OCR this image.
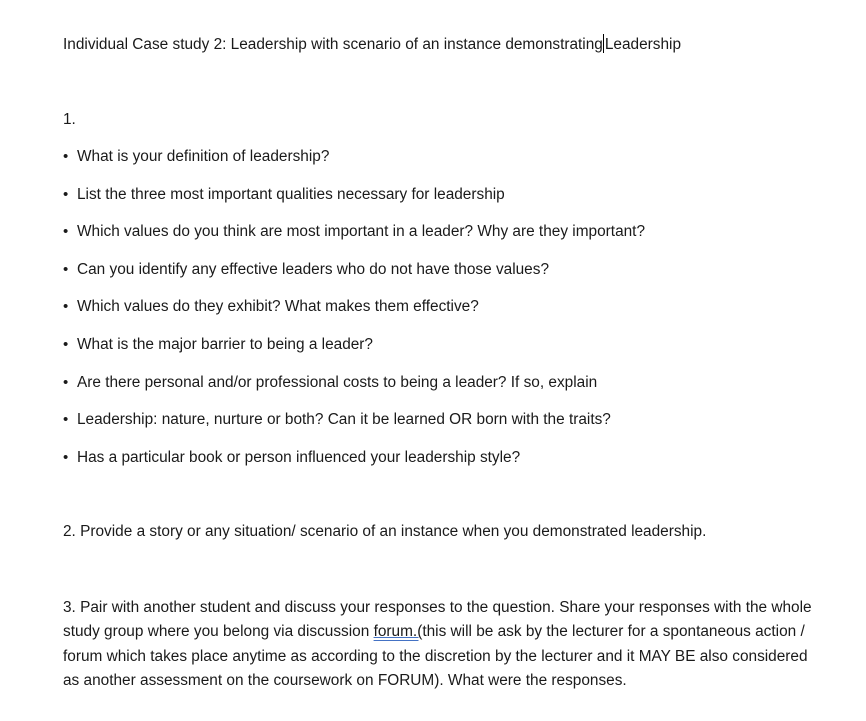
Individual Case study 2: Leadership with scenario of an instance demonstrating Leadership
1.
• What is your definition of leadership?
• List the three most important qualities necessary for leadership
• Which values do you think are most important in a leader? Why are they important?
• Can you identify any effective leaders who do not have those values?
• Which values do they exhibit? What makes them effective?
• What is the major barrier to being a leader?
• Are there personal and/or professional costs to being a leader? If so, explain
• Leadership: nature, nurture or both? Can it be learned OR born with the traits?
• Has a particular book or person influenced your leadership style?
2. Provide a story or any situation/ scenario of an instance when you demonstrated leadership.
3. Pair with another student and discuss your responses to the question. Share your responses with the whole study group where you belong via discussion forum.(this will be ask by the lecturer for a spontaneous action / forum which takes place anytime as according to the discretion by the lecturer and it MAY BE also considered as another assessment on the coursework on FORUM). What were the responses.
